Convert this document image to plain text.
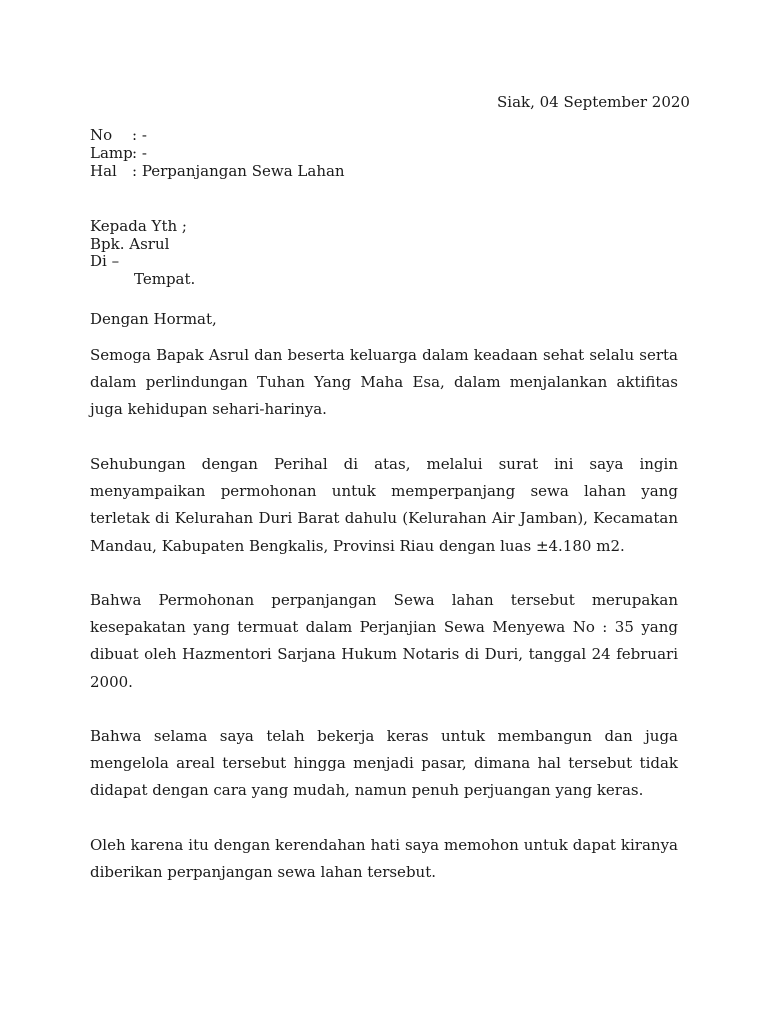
Siak, 04 September 2020
No	: -
Lamp : -
Hal	: Perpanjangan Sewa Lahan
Kepada Yth ;
Bpk. Asrul
Di –
Tempat.
Dengan Hormat,

Semoga Bapak Asrul dan beserta keluarga dalam keadaan sehat selalu serta dalam perlindungan Tuhan Yang Maha Esa, dalam menjalankan aktifitas juga kehidupan sehari-harinya.

Sehubungan dengan Perihal di atas, melalui surat ini saya ingin menyampaikan permohonan untuk memperpanjang sewa lahan yang terletak di Kelurahan Duri Barat dahulu (Kelurahan Air Jamban), Kecamatan Mandau, Kabupaten Bengkalis, Provinsi Riau dengan luas ±4.180 m2.

Bahwa Permohonan perpanjangan Sewa lahan tersebut merupakan kesepakatan yang termuat dalam Perjanjian Sewa Menyewa No : 35 yang dibuat oleh Hazmentori Sarjana Hukum Notaris di Duri, tanggal 24 februari 2000.

Bahwa selama saya telah bekerja keras untuk membangun dan juga mengelola areal tersebut hingga menjadi pasar, dimana hal tersebut tidak didapat dengan cara yang mudah, namun penuh perjuangan yang keras.

Oleh karena itu dengan kerendahan hati saya memohon untuk dapat kiranya diberikan perpanjangan sewa lahan tersebut.
